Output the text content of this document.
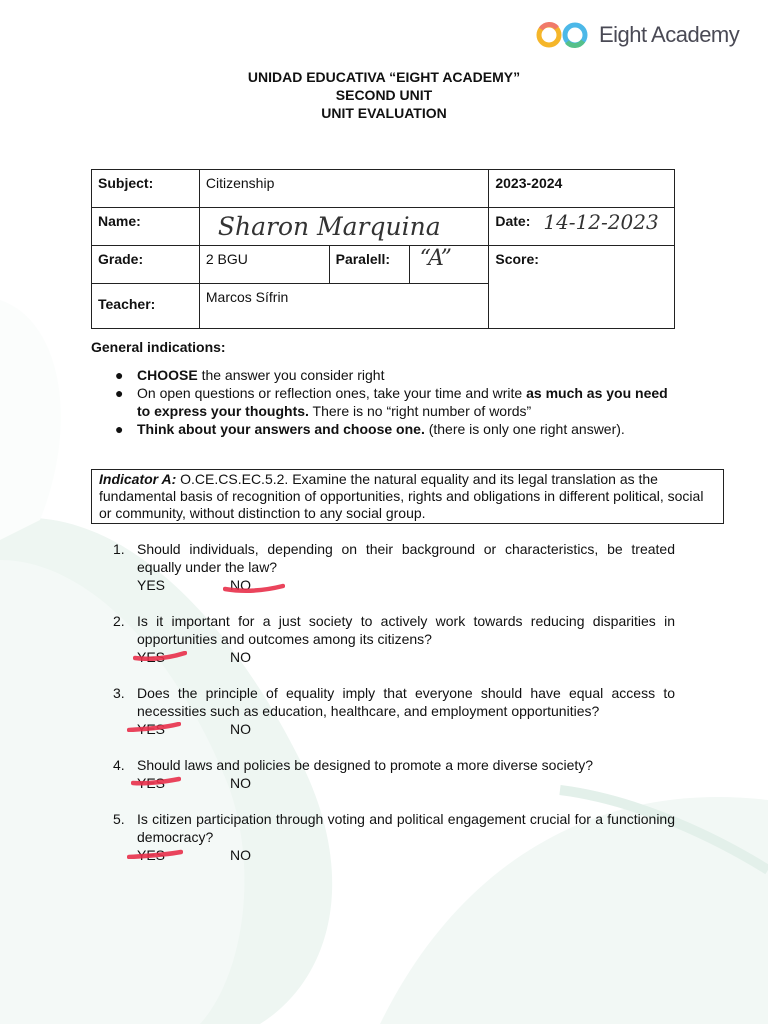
Eight Academy
UNIDAD EDUCATIVA “EIGHT ACADEMY”
SECOND UNIT
UNIT EVALUATION
Subject:	Citizenship			2023-2024
Name:	Sharon Marquina			Date: 14-12-2023

Grade:	2 BGU	Paralell:	“A”	Score:
Teacher:	Marcos Sífrin			
General indications:
● CHOOSE the answer you consider right
● On open questions or reflection ones, take your time and write as much as you need to express your thoughts. There is no “right number of words”
● Think about your answers and choose one. (there is only one right answer).
Indicator A: O.CE.CS.EC.5.2. Examine the natural equality and its legal translation as the fundamental basis of recognition of opportunities, rights and obligations in different political, social or community, without distinction to any social group.
1. Should individuals, depending on their background or characteristics, be treated equally under the law?
YES	NO
2. Is it important for a just society to actively work towards reducing disparities in opportunities and outcomes among its citizens?
YES	NO
3. Does the principle of equality imply that everyone should have equal access to necessities such as education, healthcare, and employment opportunities?
YES	NO
4. Should laws and policies be designed to promote a more diverse society?
YES	NO
5. Is citizen participation through voting and political engagement crucial for a functioning democracy?
YES	NO
